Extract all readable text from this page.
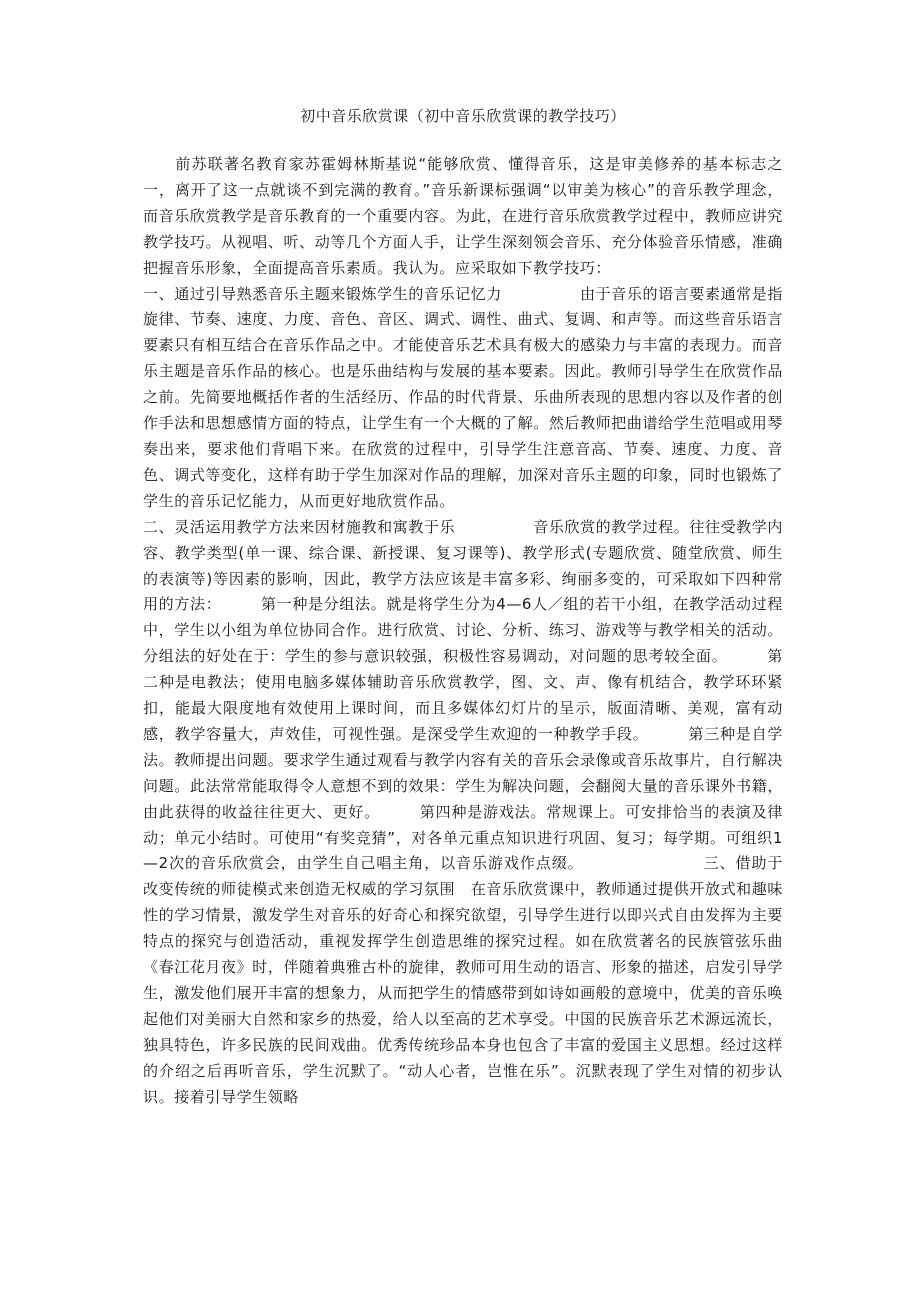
初中音乐欣赏课（初中音乐欣赏课的教学技巧）

　　前苏联著名教育家苏霍姆林斯基说“能够欣赏、懂得音乐，这是审美修养的基本标志之一，离开了这一点就谈不到完满的教育。”音乐新课标强调“以审美为核心”的音乐教学理念，而音乐欣赏教学是音乐教育的一个重要内容。为此，在进行音乐欣赏教学过程中，教师应讲究教学技巧。从视唱、听、动等几个方面人手，让学生深刻领会音乐、充分体验音乐情感，准确把握音乐形象，全面提高音乐素质。我认为。应采取如下教学技巧：
一、通过引导熟悉音乐主题来锻炼学生的音乐记忆力　　　　　由于音乐的语言要素通常是指旋律、节奏、速度、力度、音色、音区、调式、调性、曲式、复调、和声等。而这些音乐语言要素只有相互结合在音乐作品之中。才能使音乐艺术具有极大的感染力与丰富的表现力。而音乐主题是音乐作品的核心。也是乐曲结构与发展的基本要素。因此。教师引导学生在欣赏作品之前。先简要地概括作者的生活经历、作品的时代背景、乐曲所表现的思想内容以及作者的创作手法和思想感情方面的特点，让学生有一个大概的了解。然后教师把曲谱给学生范唱或用琴奏出来，要求他们背唱下来。在欣赏的过程中，引导学生注意音高、节奏、速度、力度、音色、调式等变化，这样有助于学生加深对作品的理解，加深对音乐主题的印象，同时也锻炼了学生的音乐记忆能力，从而更好地欣赏作品。
二、灵活运用教学方法来因材施教和寓教于乐　　　　　音乐欣赏的教学过程。往往受教学内容、教学类型(单一课、综合课、新授课、复习课等)、教学形式(专题欣赏、随堂欣赏、师生的表演等)等因素的影响，因此，教学方法应该是丰富多彩、绚丽多变的，可采取如下四种常用的方法：　　　第一种是分组法。就是将学生分为4—6人／组的若干小组，在教学活动过程中，学生以小组为单位协同合作。进行欣赏、讨论、分析、练习、游戏等与教学相关的活动。分组法的好处在于：学生的参与意识较强，积极性容易调动，对问题的思考较全面。　　　第二种是电教法；使用电脑多媒体辅助音乐欣赏教学，图、文、声、像有机结合，教学环环紧扣，能最大限度地有效使用上课时间，而且多媒体幻灯片的呈示，版面清晰、美观，富有动感，教学容量大，声效佳，可视性强。是深受学生欢迎的一种教学手段。　　　第三种是自学法。教师提出问题。要求学生通过观看与教学内容有关的音乐会录像或音乐故事片，自行解决问题。此法常常能取得令人意想不到的效果：学生为解决问题，会翻阅大量的音乐课外书籍，由此获得的收益往往更大、更好。　　　第四种是游戏法。常规课上。可安排恰当的表演及律动；单元小结时。可使用“有奖竞猜”，对各单元重点知识进行巩固、复习；每学期。可组织1—2次的音乐欣赏会，由学生自己唱主角，以音乐游戏作点缀。　　　　　　　　三、借助于改变传统的师徒模式来创造无权威的学习氛围　在音乐欣赏课中，教师通过提供开放式和趣味性的学习情景，激发学生对音乐的好奇心和探究欲望，引导学生进行以即兴式自由发挥为主要特点的探究与创造活动，重视发挥学生创造思维的探究过程。如在欣赏著名的民族管弦乐曲《春江花月夜》时，伴随着典雅古朴的旋律，教师可用生动的语言、形象的描述，启发引导学生，激发他们展开丰富的想象力，从而把学生的情感带到如诗如画般的意境中，优美的音乐唤起他们对美丽大自然和家乡的热爱，给人以至高的艺术享受。中国的民族音乐艺术源远流长，独具特色，许多民族的民间戏曲。优秀传统珍品本身也包含了丰富的爱国主义思想。经过这样的介绍之后再听音乐，学生沉默了。“动人心者，岂惟在乐”。沉默表现了学生对情的初步认识。接着引导学生领略
